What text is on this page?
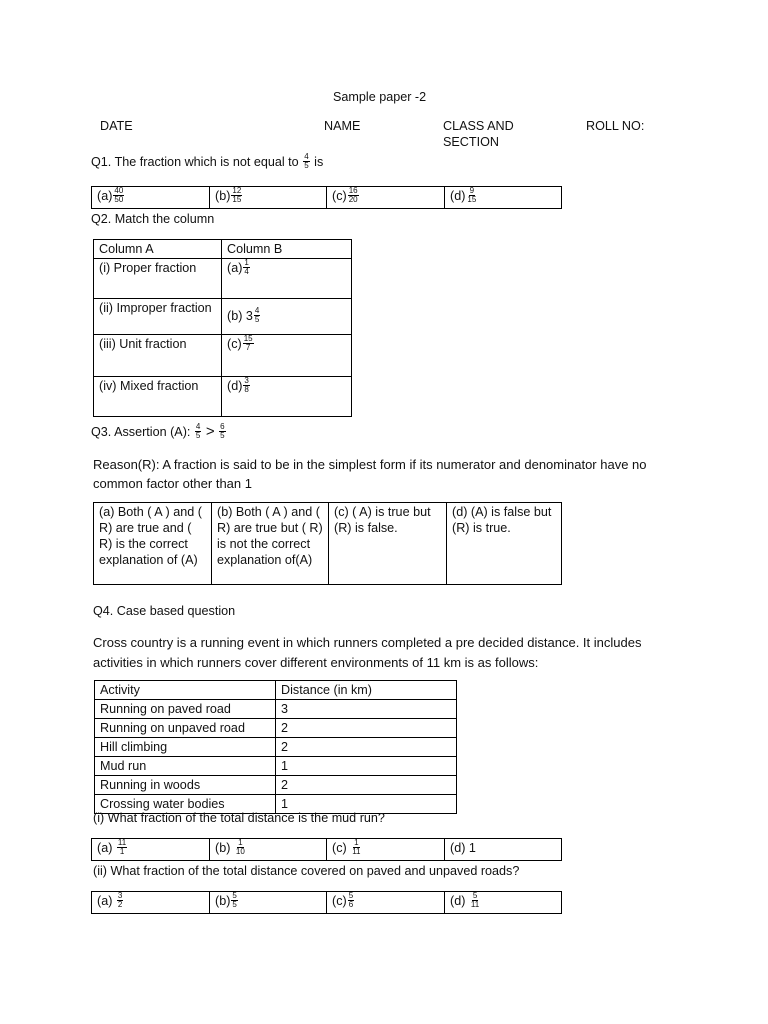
Sample paper -2
DATE	NAME	CLASS AND
SECTION
ROLL NO:
Q1. The fraction which is not equal to $\frac{4}{5}$ is
$(a) \frac{40}{50}$	$(b) \frac{12}{15}$	$(c) \frac{16}{20}$	$(d) \frac{9}{15}$
Q2. Match the column
Column A	Column B
(i) Proper fraction	$(a) \frac{1}{4}$

(ii) Improper fraction	(b) $3 \frac{4}{5}$

(iii) Unit fraction	$(c) \frac{15}{7}$

(iv) Mixed fraction	$(d) \frac{3}{8}$
Q3. Assertion (A): $\frac{4}{5} > \frac{6}{5}$
Reason(R): A fraction is said to be in the simplest form if its numerator and denominator have no common factor other than 1
(a) Both ( A ) and ( R) are true and ( R) is the correct explanation of (A)	(b) Both ( A ) and ( R) are true but ( R) is not the correct explanation of(A)	(c) ( A) is true but (R) is false.	(d) (A) is false but (R) is true.
Q4. Case based question
Cross country is a running event in which runners completed a pre decided distance. It includes activities in which runners cover different environments of 11 km is as follows:
Activity	Distance (in km)
Running on paved road	3
Running on unpaved road	2
Hill climbing	2
Mud run	1
Running in woods	2
Crossing water bodies	1
(i) What fraction of the total distance is the mud run?
$(a) \frac{11}{1}$	$(b) \frac{1}{10}$	$(c) \frac{1}{11}$	(d) 1
(ii) What fraction of the total distance covered on paved and unpaved roads?
$(a) \frac{3}{2}$	$(b) \frac{5}{5}$	$(c) \frac{5}{6}$	$(d) \frac{5}{11}$
